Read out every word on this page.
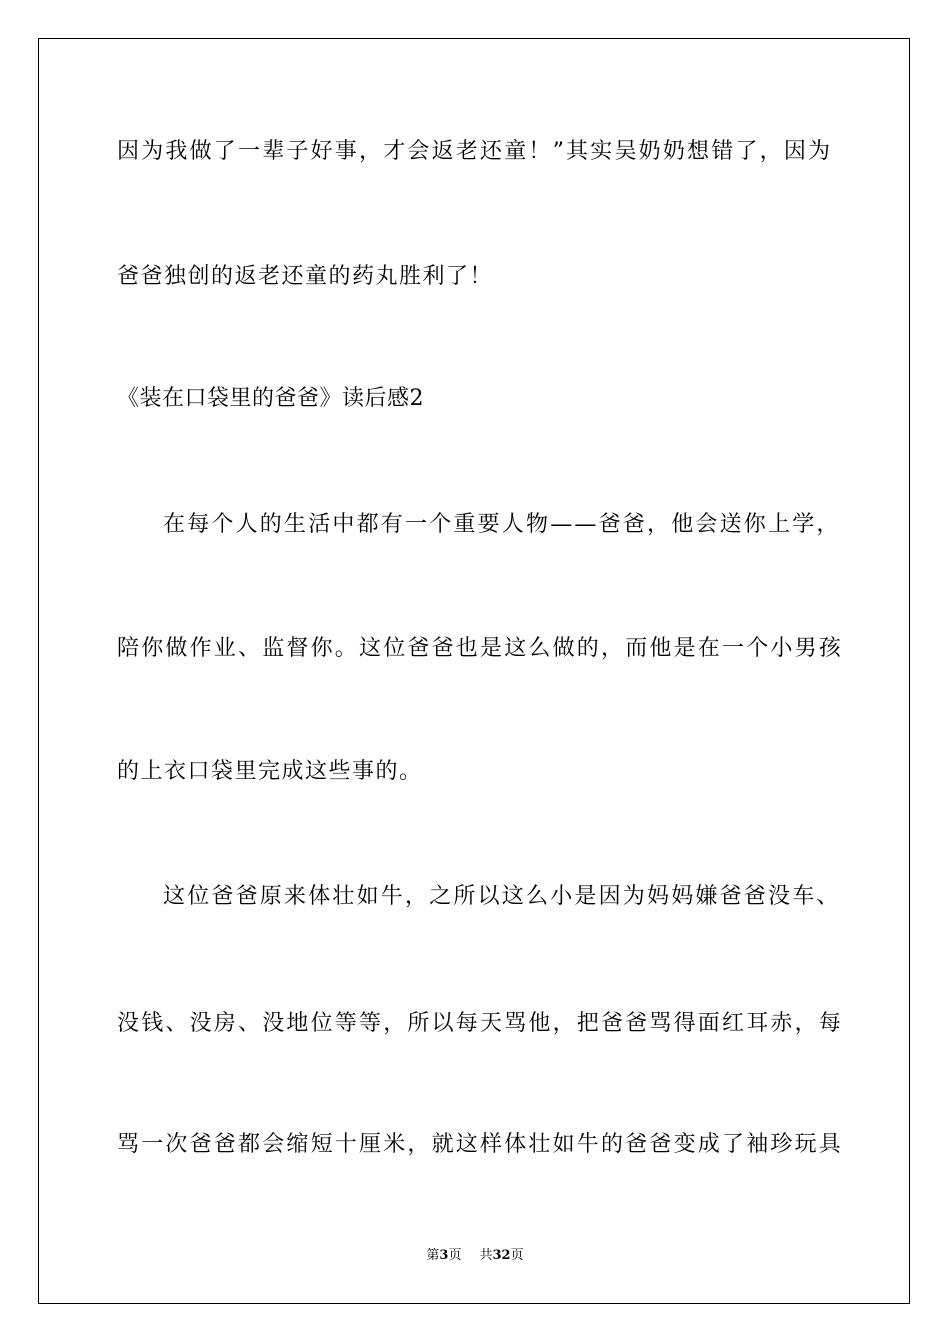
因为我做了一辈子好事，才会返老还童！”其实吴奶奶想错了，因为
爸爸独创的返老还童的药丸胜利了！
《装在口袋里的爸爸》读后感2
在每个人的生活中都有一个重要人物——爸爸，他会送你上学，
陪你做作业、监督你。这位爸爸也是这么做的，而他是在一个小男孩
的上衣口袋里完成这些事的。
这位爸爸原来体壮如牛，之所以这么小是因为妈妈嫌爸爸没车、
没钱、没房、没地位等等，所以每天骂他，把爸爸骂得面红耳赤，每
骂一次爸爸都会缩短十厘米，就这样体壮如牛的爸爸变成了袖珍玩具
第3页 共32页
